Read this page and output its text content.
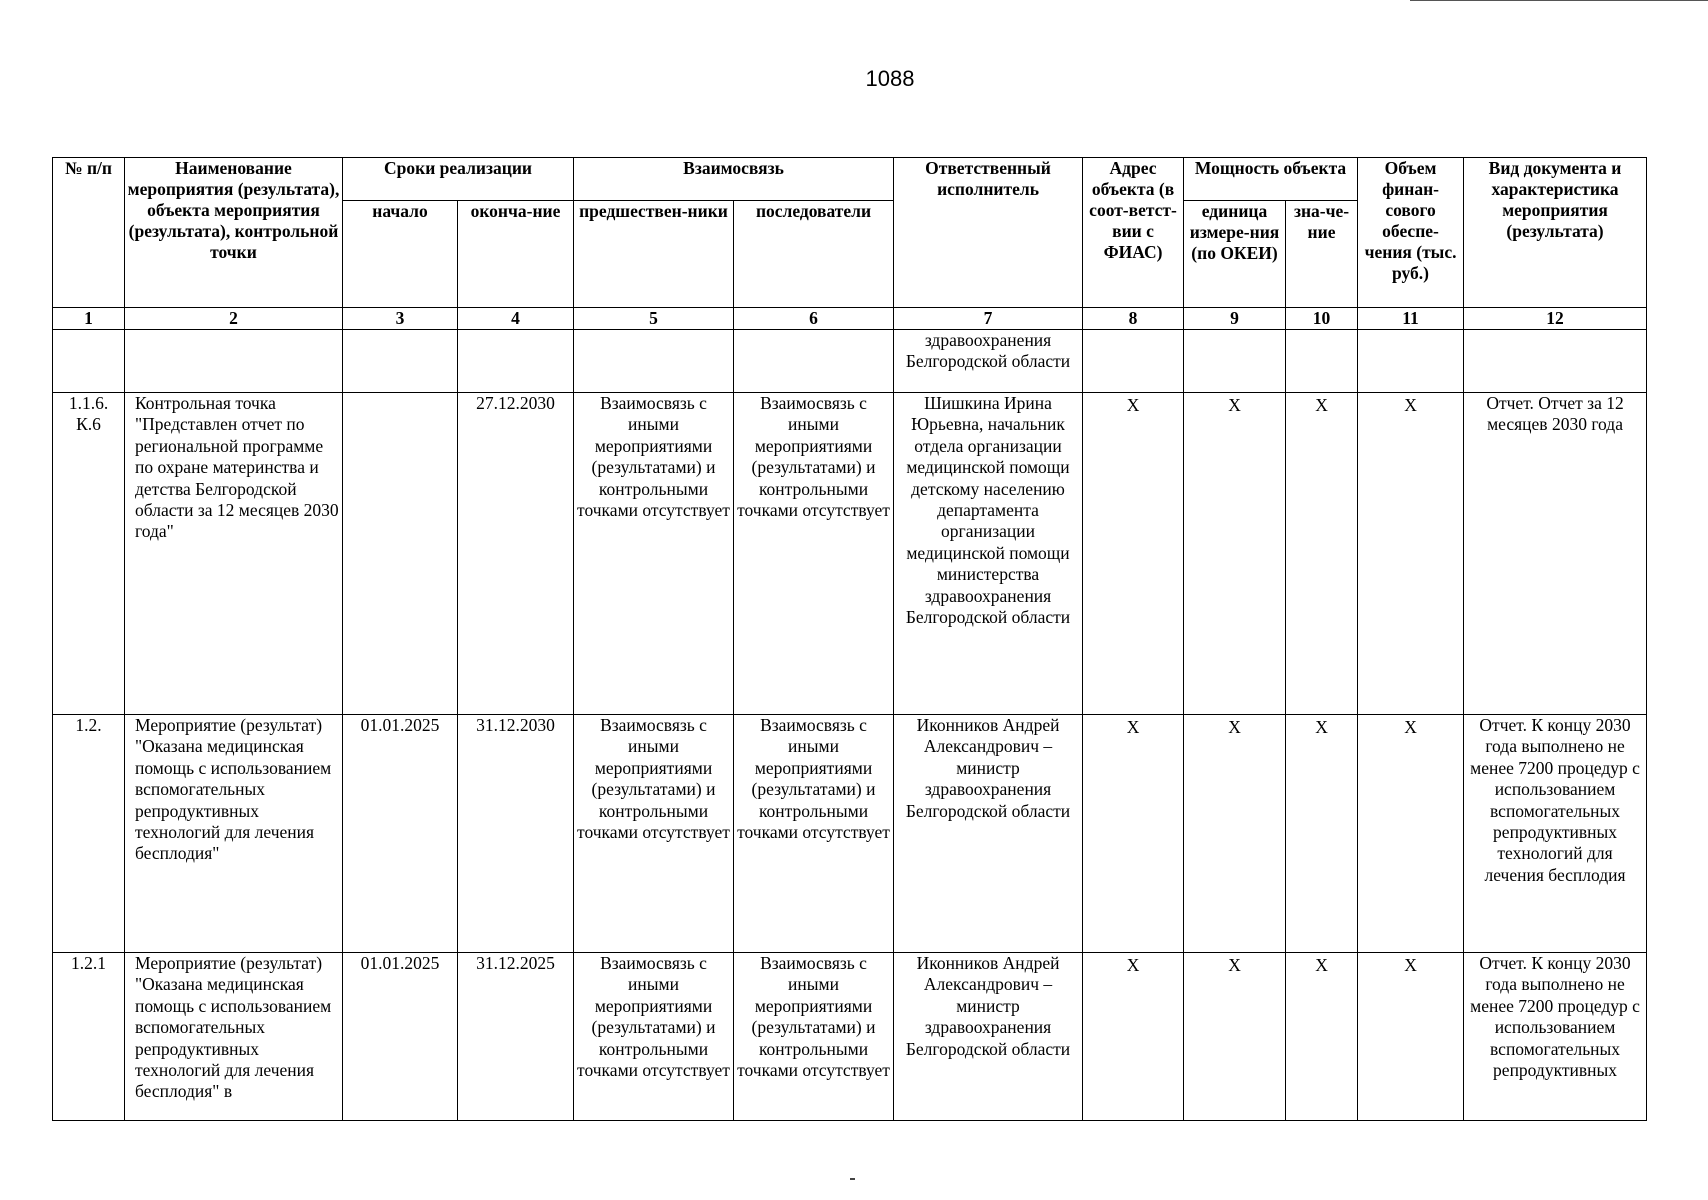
1088
№ п/п	Наименование мероприятия (результата), объекта мероприятия (результата), контрольной точки	Сроки реализации		Взаимосвязь		Ответственный исполнитель	Адрес объекта (в соот-ветст-вии с ФИАС)	Мощность объекта		Объем финан-сового обеспе-чения (тыс. руб.)	Вид документа и характеристика мероприятия (результата)
		начало	оконча-ние	предшествен-ники	последователи			единица измере-ния (по ОКЕИ)	зна-че-ние		
1	2	3	4	5	6	7	8	9	10	11	12
						здравоохранения Белгородской области					
1.1.6. К.6	Контрольная точка "Представлен отчет по региональной программе по охране материнства и детства Белгородской области за 12 месяцев 2030 года"		27.12.2030	Взаимосвязь с иными мероприятиями (результатами) и контрольными точками отсутствует	Взаимосвязь с иными мероприятиями (результатами) и контрольными точками отсутствует	Шишкина Ирина Юрьевна, начальник отдела организации медицинской помощи детскому населению департамента организации медицинской помощи министерства здравоохранения Белгородской области	X	X	X	X	Отчет. Отчет за 12 месяцев 2030 года
1.2.	Мероприятие (результат) "Оказана медицинская помощь с использованием вспомогательных репродуктивных технологий для лечения бесплодия"	01.01.2025	31.12.2030	Взаимосвязь с иными мероприятиями (результатами) и контрольными точками отсутствует	Взаимосвязь с иными мероприятиями (результатами) и контрольными точками отсутствует	Иконников Андрей Александрович – министр здравоохранения Белгородской области	X	X	X	X	Отчет. К концу 2030 года выполнено не менее 7200 процедур с использованием вспомогательных репродуктивных технологий для лечения бесплодия

1.2.1	Мероприятие (результат) "Оказана медицинская помощь с использованием вспомогательных репродуктивных технологий для лечения бесплодия" в	01.01.2025	31.12.2025	Взаимосвязь с иными мероприятиями (результатами) и контрольными точками отсутствует	Взаимосвязь с иными мероприятиями (результатами) и контрольными точками отсутствует	Иконников Андрей Александрович – министр здравоохранения Белгородской области	X	X	X	X	Отчет. К концу 2030 года выполнено не менее 7200 процедур с использованием вспомогательных репродуктивных
